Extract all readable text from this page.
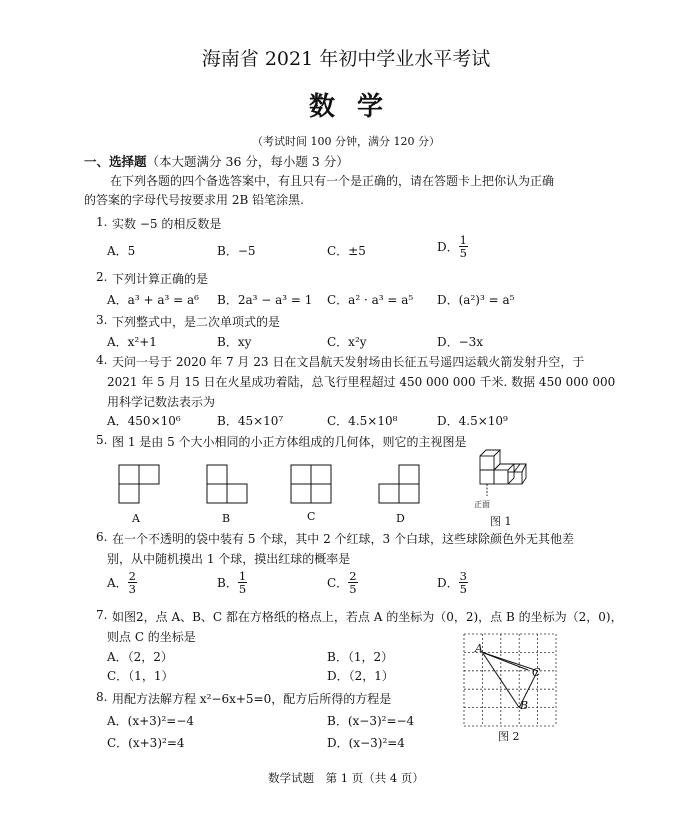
海南省 2021 年初中学业水平考试
数学
（考试时间 100 分钟，满分 120 分）
一、选择题（本大题满分 36 分，每小题 3 分）
在下列各题的四个备选答案中，有且只有一个是正确的，请在答题卡上把你认为正确
的答案的字母代号按要求用 2B 铅笔涂黑.
1. 实数 −5 的相反数是
A．5	B．−5	C．±5	D． $\frac{1}{5}$
2. 下列计算正确的是
A．a³ + a³ = a⁶ B．2a³ − a³ = 1 C．a² · a³ = a⁵ D．(a²)³ = a⁵
3. 下列整式中，是二次单项式的是
A．x²+1	B．xy	C．x²y	D．−3x
4. 天问一号于 2020 年 7 月 23 日在文昌航天发射场由长征五号遥四运载火箭发射升空，于
2021 年 5 月 15 日在火星成功着陆，总飞行里程超过 450 000 000 千米. 数据 450 000 000
用科学记数法表示为
A．450×10⁶	B．45×10⁷	C．4.5×10⁸	D．4.5×10⁹
5. 图 1 是由 5 个大小相同的小正方体组成的几何体，则它的主视图是
A	B	C	D
正面
图 1
6. 在一个不透明的袋中装有 5 个球，其中 2 个红球，3 个白球，这些球除颜色外无其他差
别，从中随机摸出 1 个球，摸出红球的概率是
A． $\frac{2}{3}$	B． $\frac{1}{5}$	C． $\frac{2}{5}$	D． $\frac{3}{5}$
7. 如图2，点 A、B、C 都在方格纸的格点上，若点 A 的坐标为（0，2)，点 B 的坐标为（2，0)，
则点 C 的坐标是
A．（2，2）	B．（1，2）
C．（1，1）	D．（2，1）
A
C
B
图 2
8. 用配方法解方程 x²−6x+5=0，配方后所得的方程是
A．(x+3)²=−4	B．(x−3)²=−4
C．(x+3)²=4	D．(x−3)²=4
数学试题　第 1 页（共 4 页）
